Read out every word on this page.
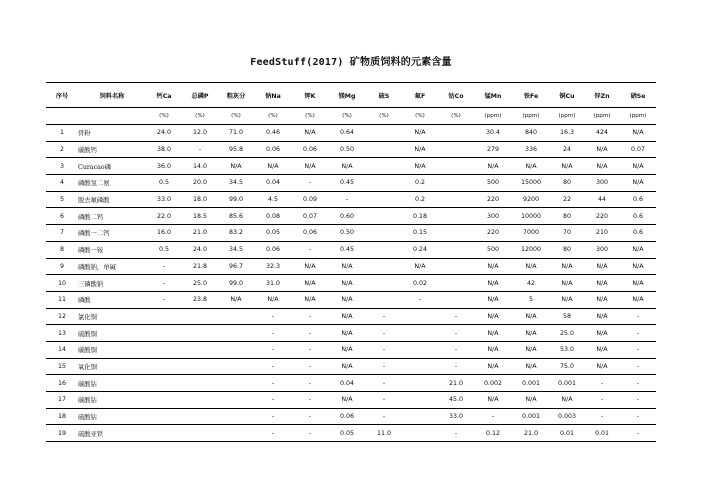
FeedStuff(2017) 矿物质饲料的元素含量
序号	饲料名称	钙Ca	总磷P	粗灰分	钠Na	钾K	镁Mg	硫S	氟F	钴Co	锰Mn	铁Fe	铜Cu	锌Zn	硒Se
		(%)	(%)	(%)	(%)	(%)	(%)	(%)	(%)	(%)	(ppm)	(ppm)	(ppm)	(ppm)	(ppm)
1	骨粉	24.0	12.0	71.0	0.46	N/A	0.64		N/A		30.4	840	16.3	424	N/A
2	碳酸钙	38.0	-	95.8	0.06	0.06	0.50		N/A		279	336	24	N/A	0.07
3	Curacao磷	36.0	14.0	N/A	N/A	N/A	N/A		N/A		N/A	N/A	N/A	N/A	N/A
4	磷酸氢二氨	0.5	20.0	34.5	0.04	-	0.45		0.2		500	15000	80	300	N/A
5	脱去氟磷酸	33.0	18.0	99.0	4.5	0.09	-		0.2		220	9200	22	44	0.6
6	磷酸二钙	22.0	18.5	85.6	0.08	0.07	0.60		0.18		300	10000	80	220	0.6
7	磷酸一二钙	16.0	21.0	83.2	0.05	0.06	0.50		0.15		220	7000	70	210	0.6
8	磷酸一铵	0.5	24.0	34.5	0.06	-	0.45		0.24		500	12000	80	300	N/A
9	磷酸钠，单碱	-	21.8	96.7	32.3	N/A	N/A		N/A		N/A	N/A	N/A	N/A	N/A
10	三磷酸钠	-	25.0	99.0	31.0	N/A	N/A		0.02		N/A	42	N/A	N/A	N/A
11	磷酸	-	23.8	N/A	N/A	N/A	N/A		-		N/A	5	N/A	N/A	N/A
12	氯化铜				-	-	N/A	-		-	N/A	N/A	58	N/A	-
13	硫酸铜				-	-	N/A	-		-	N/A	N/A	25.0	N/A	-
14	碳酸铜				-	-	N/A	-		-	N/A	N/A	53.0	N/A	-
15	氧化铜				-	-	N/A	-		-	N/A	N/A	75.0	N/A	-
16	碳酸钴				-	-	0.04	-		21.0	0.002	0.001	0.001	-	-
17	碳酸钴				-	-	N/A	-		45.0	N/A	N/A	N/A	-	-
18	硫酸钴				-	-	0.06	-		33.0	-	0.001	0.003	-	-
19	硫酸亚铁				-	-	0.05	11.0		-	0.12	21.0	0.01	0.01	-
